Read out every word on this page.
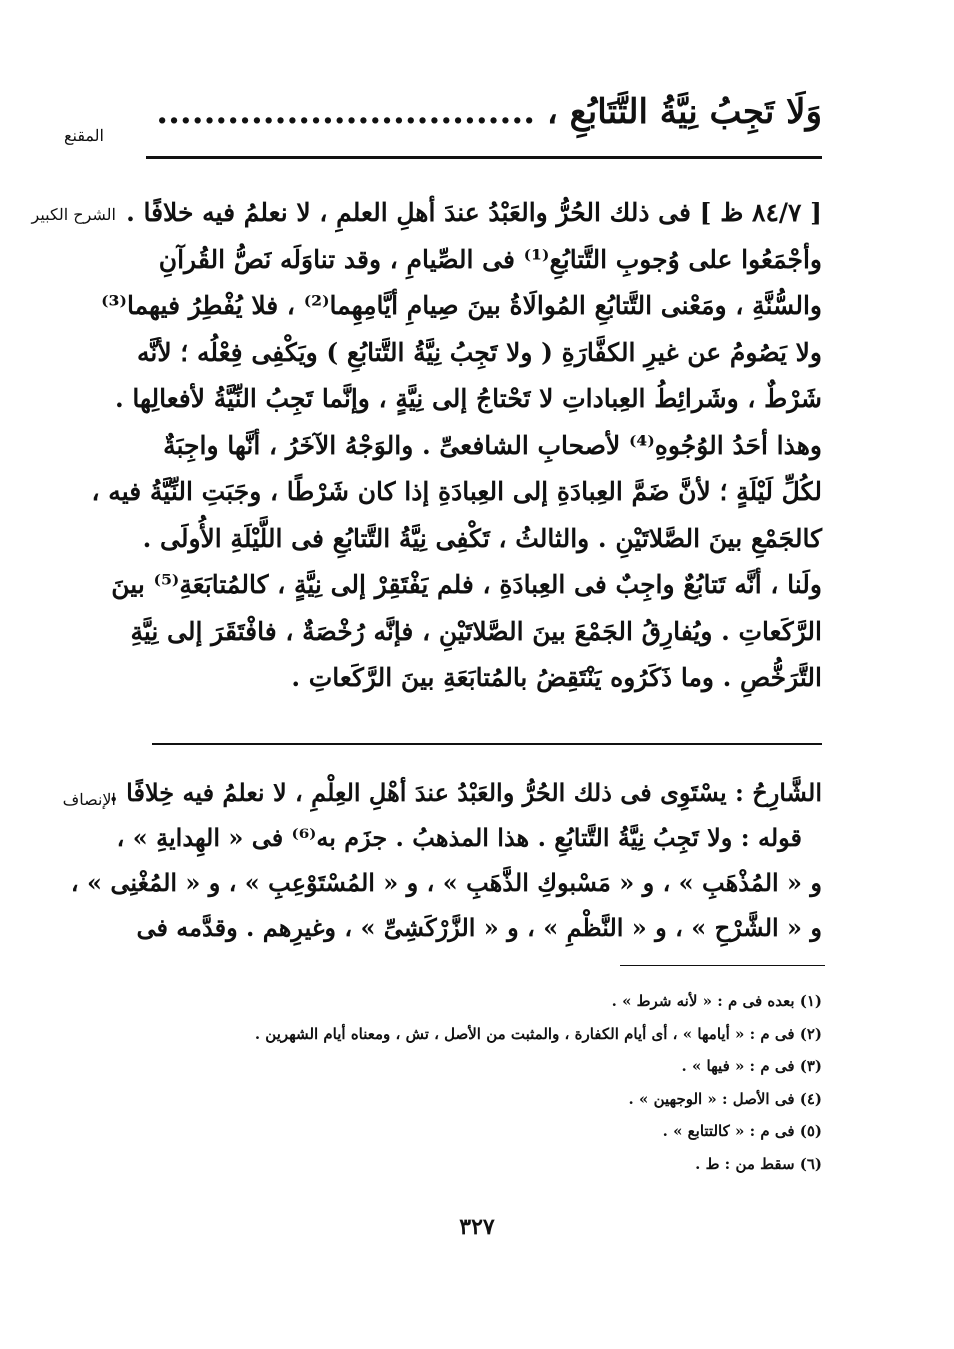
وَلَا تَجِبُ نِيَّةُ التَّتَابُعِ ، ................................
المقنع
الشرح الكبير [ ٨٤/٧ ظ ] فى ذلك الحُرُّ والعَبْدُ عندَ أهلِ العلمِ ، لا نعلمُ فيه خلافًا .
وأجْمَعُوا على وُجوبِ التَّتابُعِ⁽¹⁾ فى الصِّيامِ ، وقد تناوَلَه نَصُّ القُرآنِ
والسُّنَّةِ ، ومَعْنى التَّتابُعِ المُوالَاةُ بينَ صِيامِ أيَّامِهِما⁽²⁾ ، فلا يُفْطِرُ فيهما⁽³⁾
ولا يَصُومُ عن غيرِ الكفَّارَةِ ( ولا تَجِبُ نِيَّةُ التَّتابُعِ ) ويَكْفِى فِعْلُه ؛ لأنَّه
شَرْطٌ ، وشَرائِطُ العِباداتِ لا تَحْتاجُ إلى نِيَّةٍ ، وإنَّما تَجِبُ النِّيَّةُ لأفعالِها .
وهذا أحَدُ الوُجُوهِ⁽⁴⁾ لأصحابِ الشافعىِّ . والوَجْهُ الآخَرُ ، أنَّها واجِبَةٌ
لكُلِّ لَيْلَةٍ ؛ لأنَّ ضَمَّ العِبادَةِ إلى العِبادَةِ إذا كان شَرْطًا ، وجَبَتِ النِّيَّةُ فيه ،
كالجَمْعِ بينَ الصَّلاتَيْنِ . والثالثُ ، تَكْفِى نِيَّةُ التَّتابُعِ فى اللَّيْلَةِ الأُولَى .
ولَنا ، أنَّه تَتابُعٌ واجِبٌ فى العِبادَةِ ، فلم يَفْتَقِرْ إلى نِيَّةٍ ، كالمُتابَعَةِ⁽⁵⁾ بينَ
الرَّكَعاتِ . ويُفارِقُ الجَمْعَ بينَ الصَّلاتَيْنِ ، فإنَّه رُخْصَةٌ ، فافْتَقَرَ إلى نِيَّةِ
التَّرَخُّصِ . وما ذَكَرُوه يَنْتَقِضُ بالمُتابَعَةِ بينَ الرَّكَعاتِ .
الإنصاف
الشَّارِحُ : يسْتَوِى فى ذلك الحُرُّ والعَبْدُ عندَ أهْلِ العِلْمِ ، لا نعلمُ فيه خِلافًا .
قوله : ولا تَجِبُ نِيَّةُ التَّتابُعِ . هذا المذهبُ . جزَم به⁽⁶⁾ فى « الهِدايةِ » ،
و « المُذْهَبِ » ، و « مَسْبوكِ الذَّهَبِ » ، و « المُسْتَوْعِبِ » ، و « المُغْنِى » ،
و « الشَّرْحِ » ، و « النَّظْمِ » ، و « الزَّرْكَشِىِّ » ، وغيرِهم . وقدَّمه فى
(١) بعده فى م : « لأنه شرط » .
(٢) فى م : « أيامها » ، أى أيام الكفارة ، والمثبت من الأصل ، تش ، ومعناه أيام الشهرين .
(٣) فى م : « فيها » .
(٤) فى الأصل : « الوجهين » .
(٥) فى م : « كالتتابع » .
(٦) سقط من : ط .
٣٢٧
